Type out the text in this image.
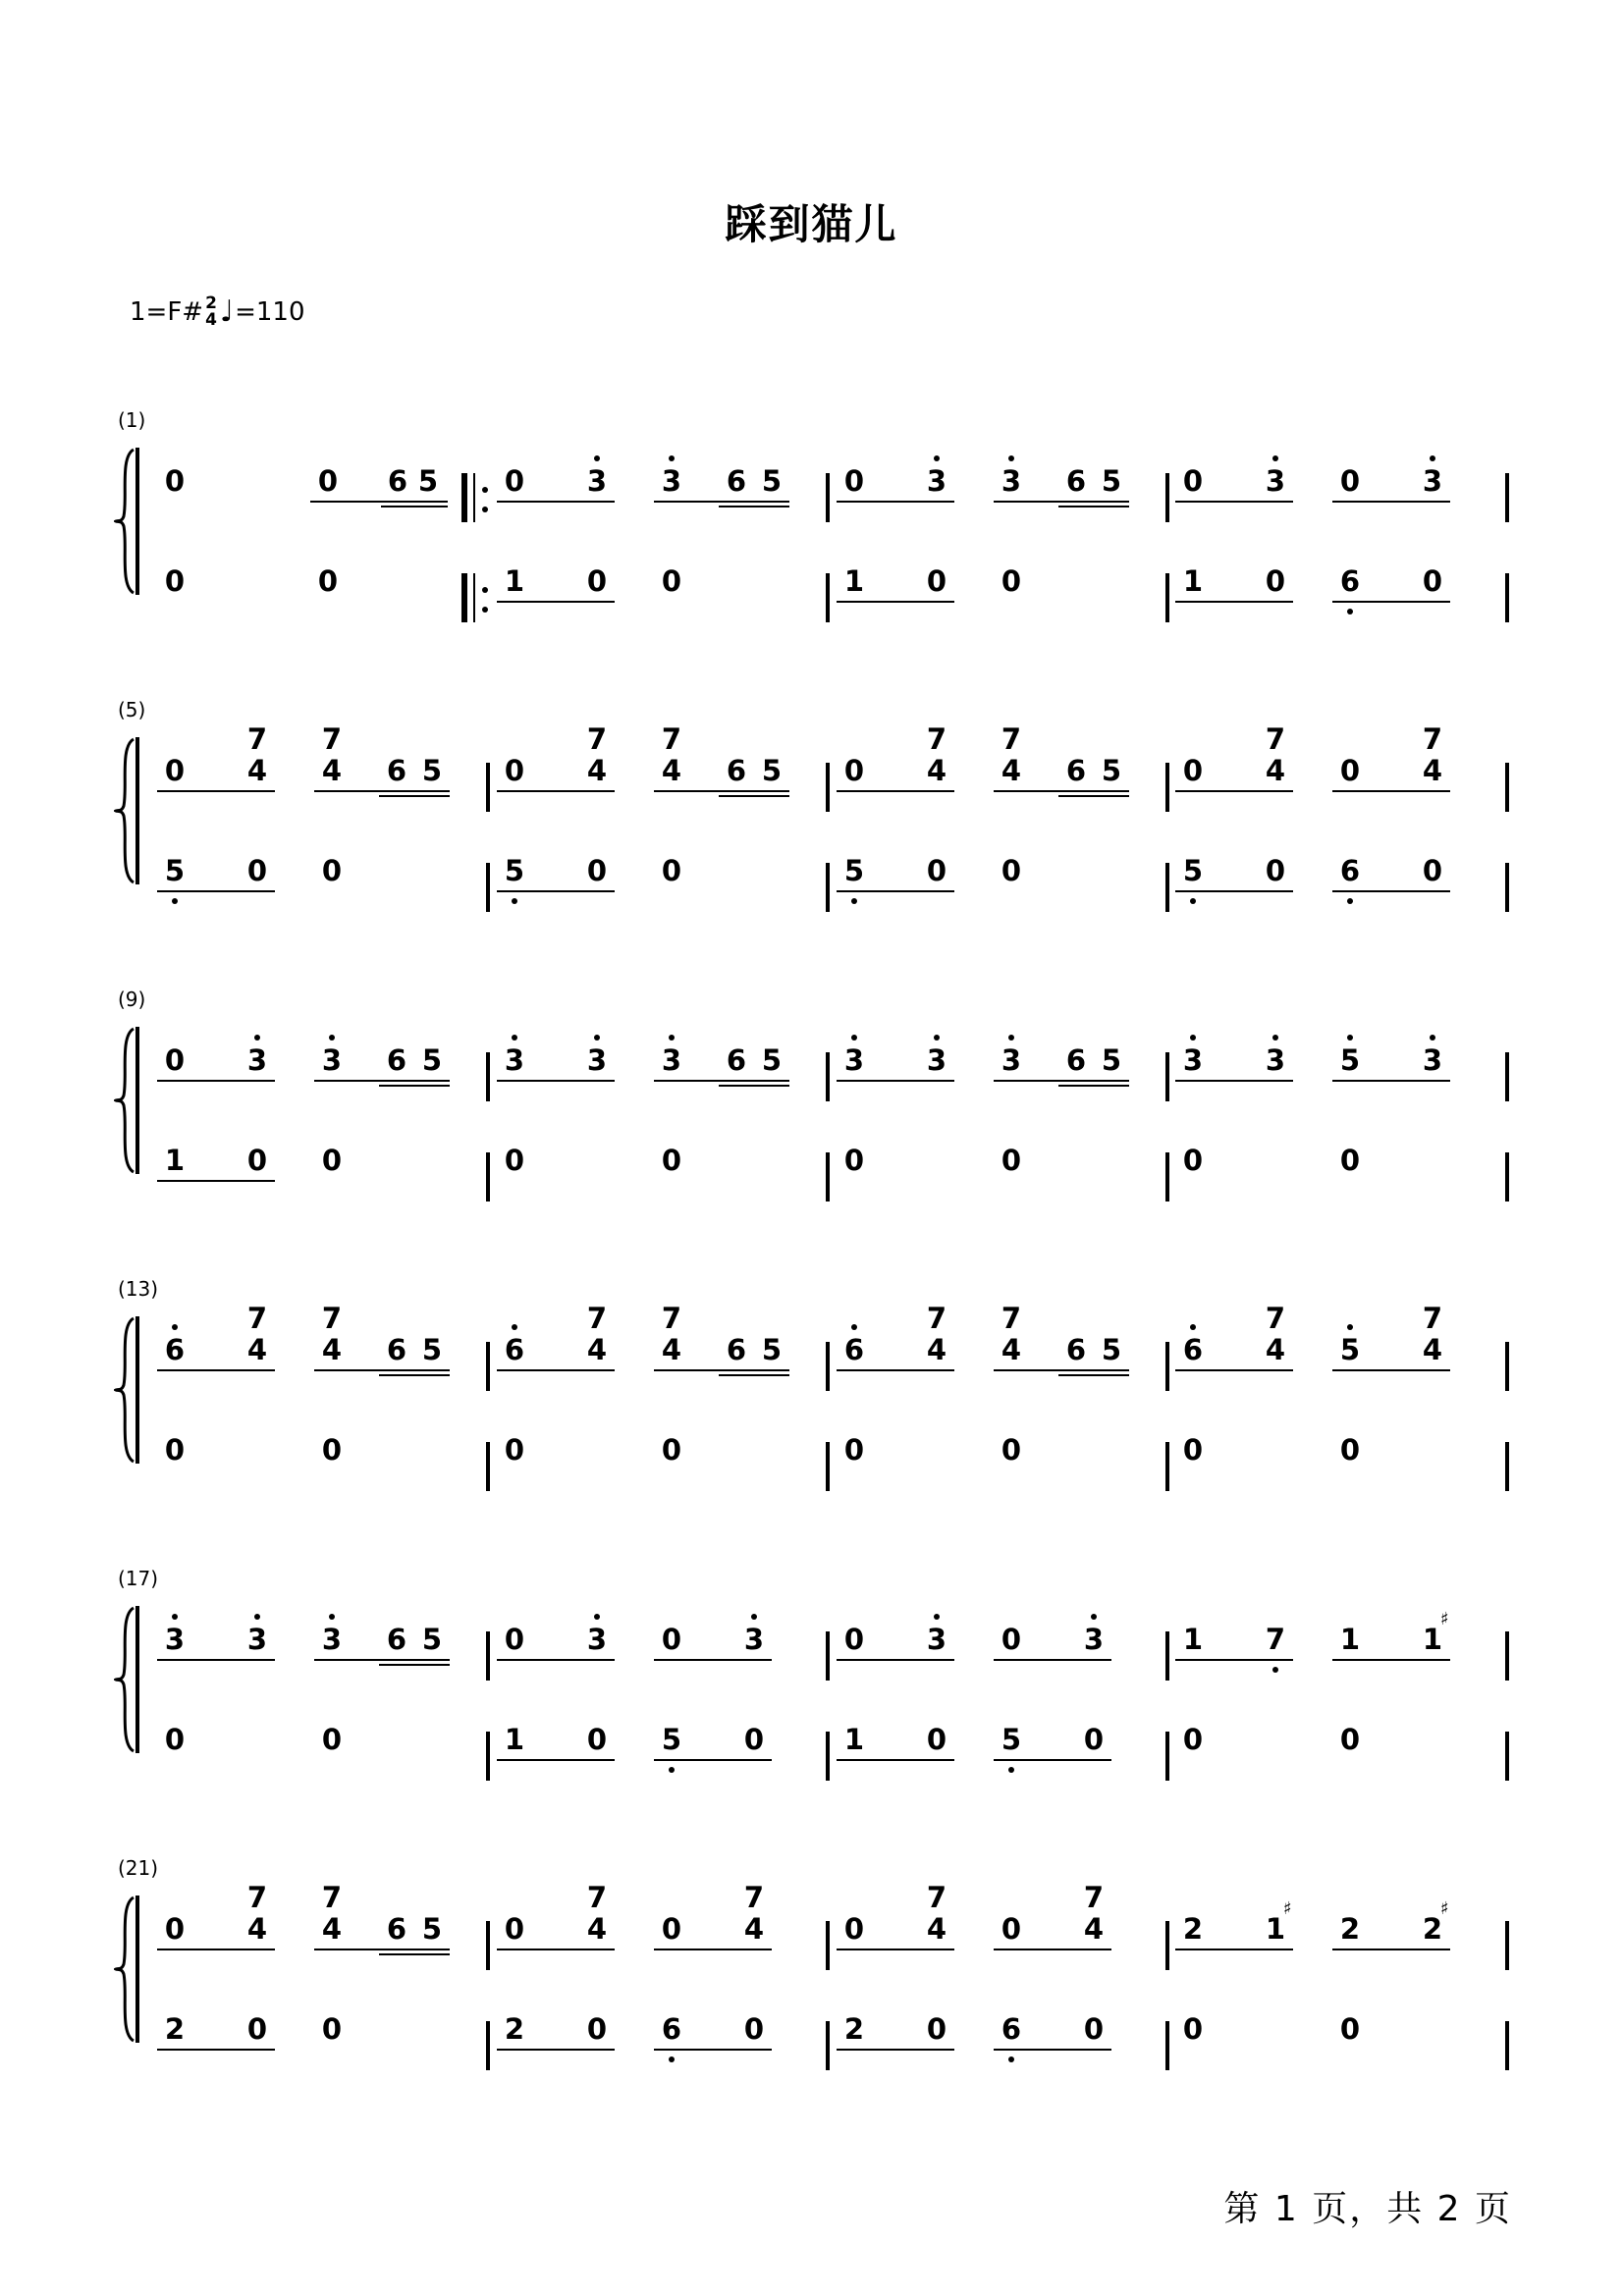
踩到猫儿
1=F# 2
4 ♩ =110
(1)
0	0	6 5	0	3	3	6 5	0	3	3	6 5	0	3	0	3
0	0	1	0	0	1	0	0	1	0	6	0
(5)
0	4
7
4
7
6 5	0	4
7
4
7
6 5	0	4
7
4
7
6 5	0	4
7
0	4
7
5	0	0	5	0	0	5	0	0	5	0	6	0
(9)
0	3	3	6 5	3	3	3	6 5	3	3	3	6 5	3	3	5	3
1	0	0	0	0	0	0	0	0
(13)
6	4
7
4
7
6 5	6	4
7
4
7
6 5	6	4
7
4
7
6 5	6	4
7
5	4
7
0	0	0	0	0	0	0	0
(17)
3	3	3	6 5	0	3	0	3	0	3	0	3	1	7	1	♯ 1
0	0	1	0	5	0	1	0	5	0	0	0
(21)
0	4
7
4
7
6 5	0	4
7
0	4
7
0	4
7
0	4
7
2	♯ 1	2	♯ 2
2	0	0	2	0	6	0	2	0	6	0	0	0
第 1 页，共 2 页
